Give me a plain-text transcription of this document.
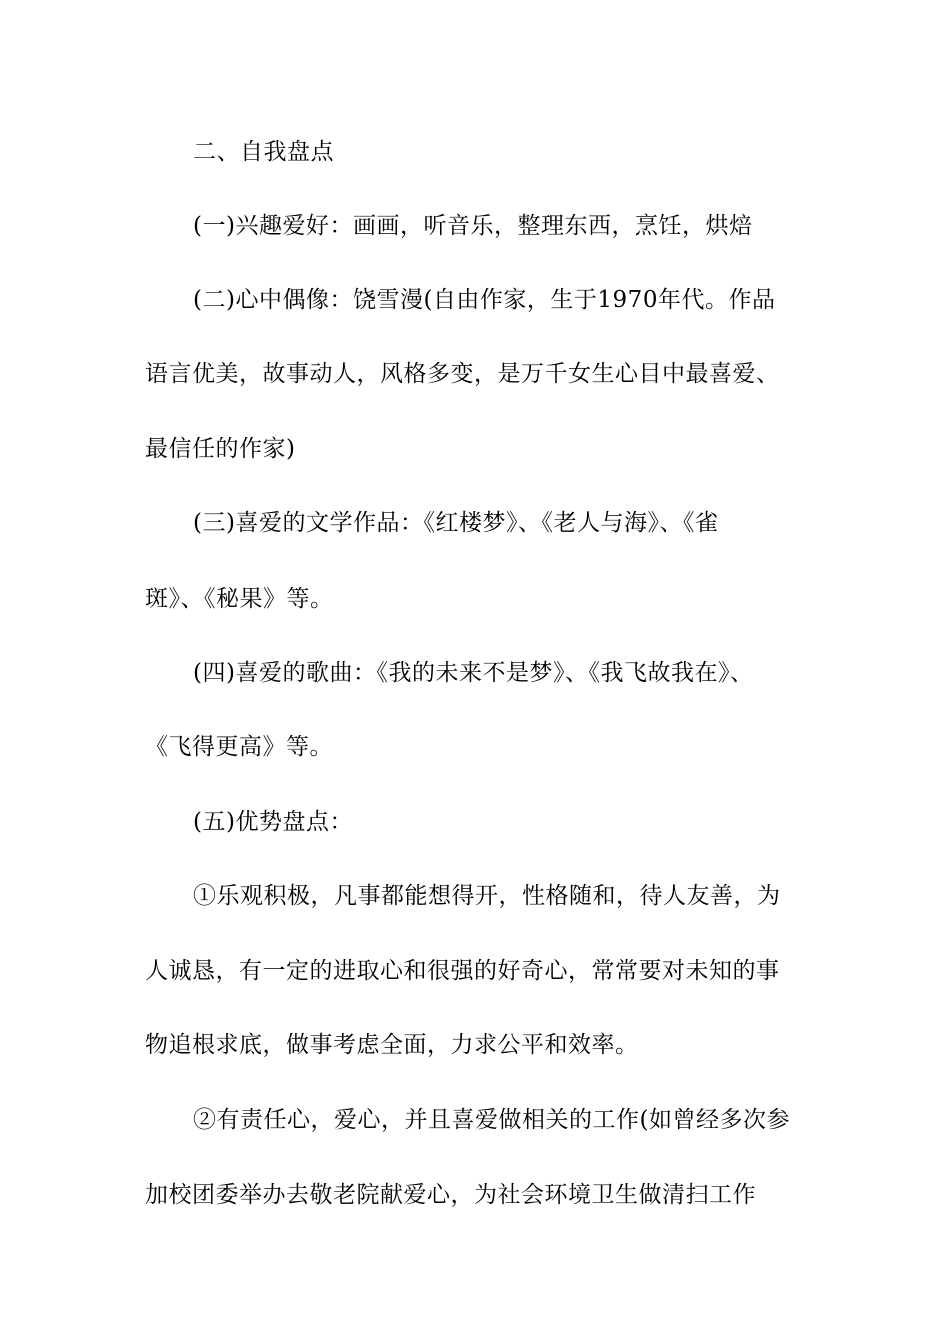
二、自我盘点
(一)兴趣爱好：画画，听音乐，整理东西，烹饪，烘焙
(二)心中偶像：饶雪漫(自由作家，生于1970年代。作品
语言优美，故事动人，风格多变，是万千女生心目中最喜爱、
最信任的作家)
(三)喜爱的文学作品：《红楼梦》、《老人与海》、《雀
斑》、《秘果》等。
(四)喜爱的歌曲：《我的未来不是梦》、《我飞故我在》、
《飞得更高》等。
(五)优势盘点：
①乐观积极，凡事都能想得开，性格随和，待人友善，为
人诚恳，有一定的进取心和很强的好奇心，常常要对未知的事
物追根求底，做事考虑全面，力求公平和效率。
②有责任心，爱心，并且喜爱做相关的工作(如曾经多次参
加校团委举办去敬老院献爱心，为社会环境卫生做清扫工作
